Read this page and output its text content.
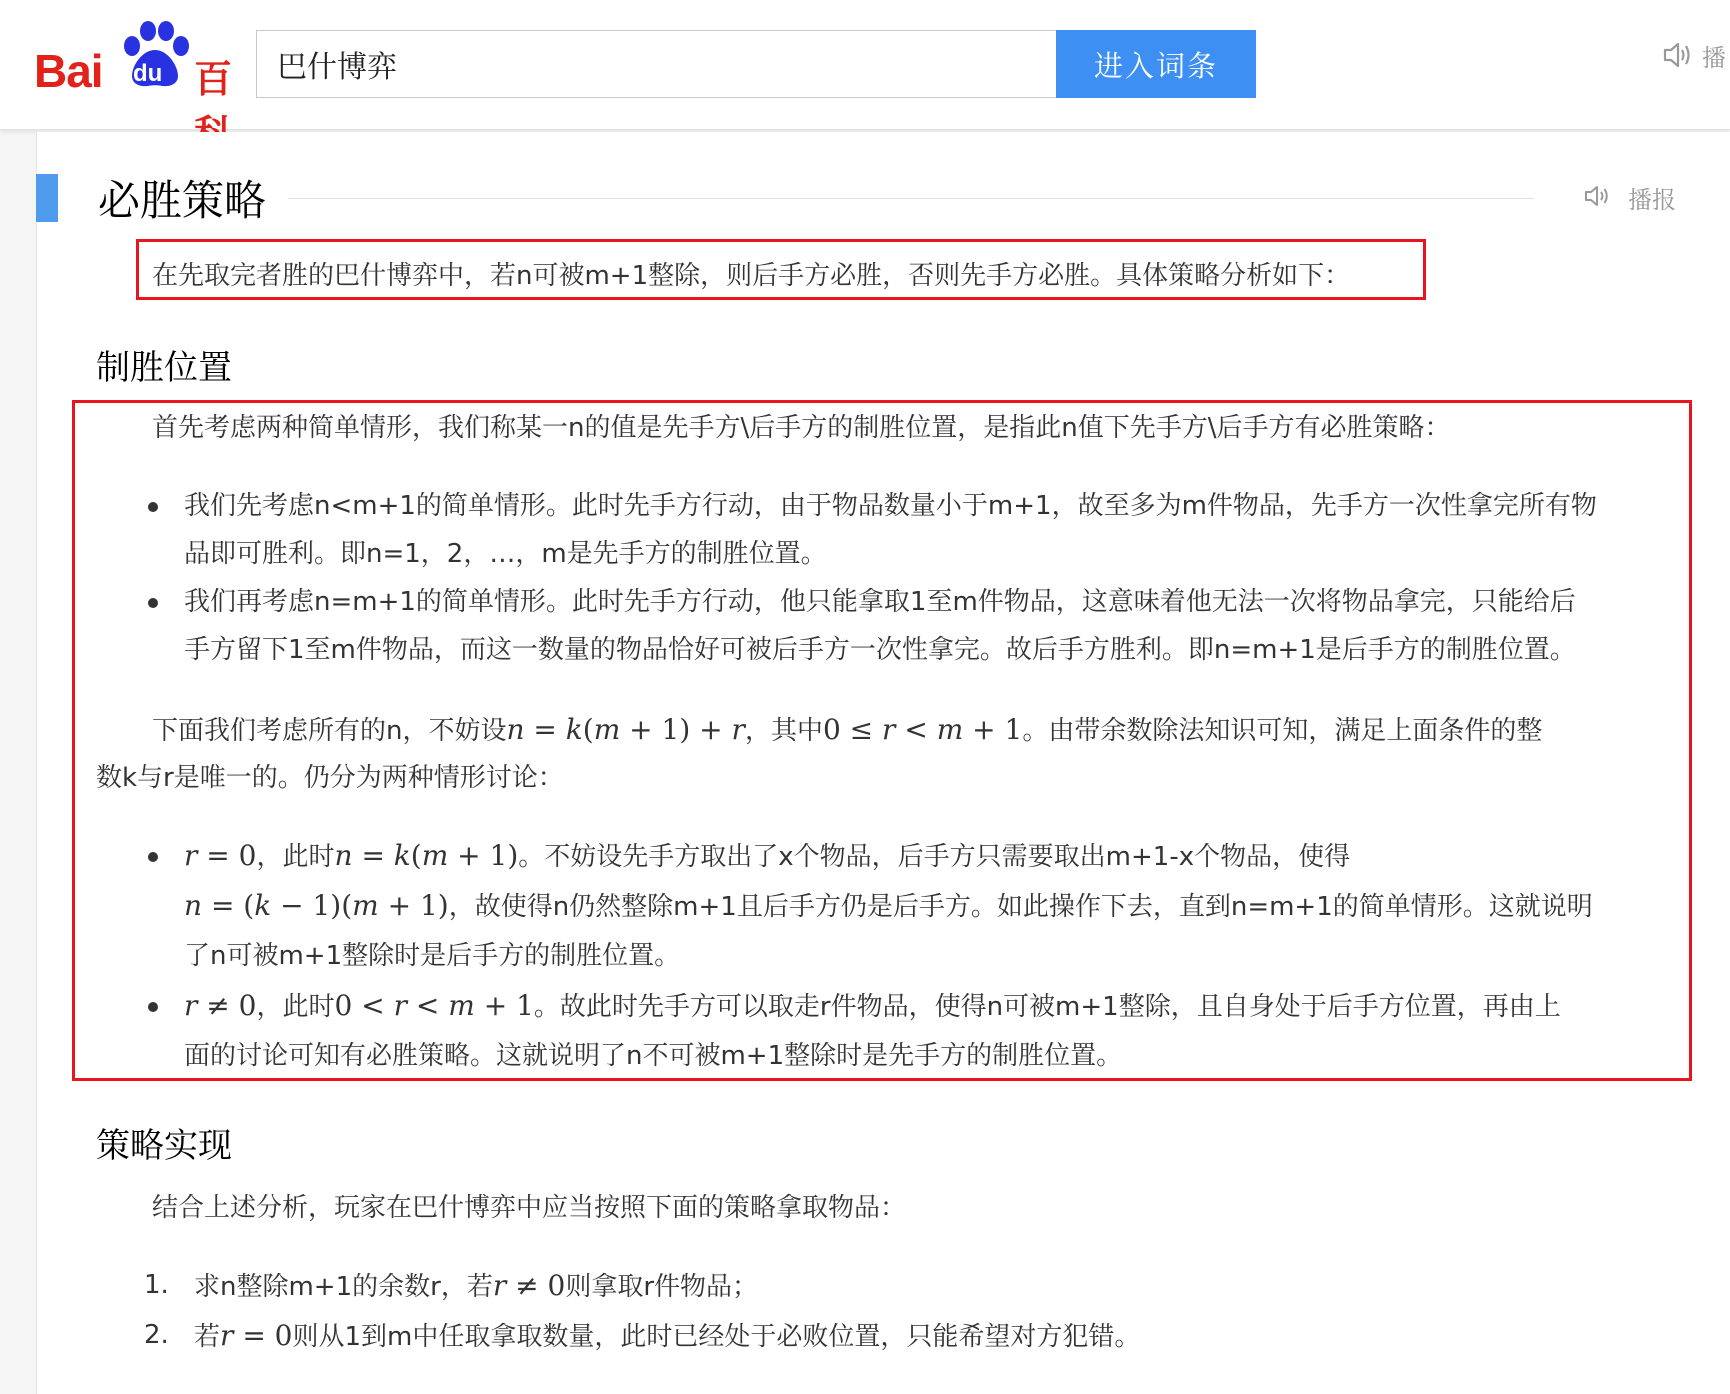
Bai du 百
巴什博弈	进入词条	播
必胜策略	播报
在先取完者胜的巴什博弈中，若n可被m+1整除，则后手方必胜，否则先手方必胜。具体策略分析如下：
制胜位置
首先考虑两种简单情形，我们称某一n的值是先手方\后手方的制胜位置，是指此n值下先手方\后手方有必胜策略：
我们先考虑n<m+1的简单情形。此时先手方行动，由于物品数量小于m+1，故至多为m件物品，先手方一次性拿完所有物
品即可胜利。即n=1，2，…，m是先手方的制胜位置。
我们再考虑n=m+1的简单情形。此时先手方行动，他只能拿取1至m件物品，这意味着他无法一次将物品拿完，只能给后
手方留下1至m件物品，而这一数量的物品恰好可被后手方一次性拿完。故后手方胜利。即n=m+1是后手方的制胜位置。
下面我们考虑所有的n，不妨设n = k(m + 1) + r，其中0 ≤ r < m + 1。由带余数除法知识可知，满足上面条件的整
数k与r是唯一的。仍分为两种情形讨论：
r = 0，此时n = k(m + 1)。不妨设先手方取出了x个物品，后手方只需要取出m+1-x个物品，使得
n = (k − 1)(m + 1)，故使得n仍然整除m+1且后手方仍是后手方。如此操作下去，直到n=m+1的简单情形。这就说明
了n可被m+1整除时是后手方的制胜位置。
r ≠ 0，此时0 < r < m + 1。故此时先手方可以取走r件物品，使得n可被m+1整除，且自身处于后手方位置，再由上
面的讨论可知有必胜策略。这就说明了n不可被m+1整除时是先手方的制胜位置。
策略实现
结合上述分析，玩家在巴什博弈中应当按照下面的策略拿取物品：
1. 求n整除m+1的余数r，若r ≠ 0则拿取r件物品；
2. 若r = 0则从1到m中任取拿取数量，此时已经处于必败位置，只能希望对方犯错。
